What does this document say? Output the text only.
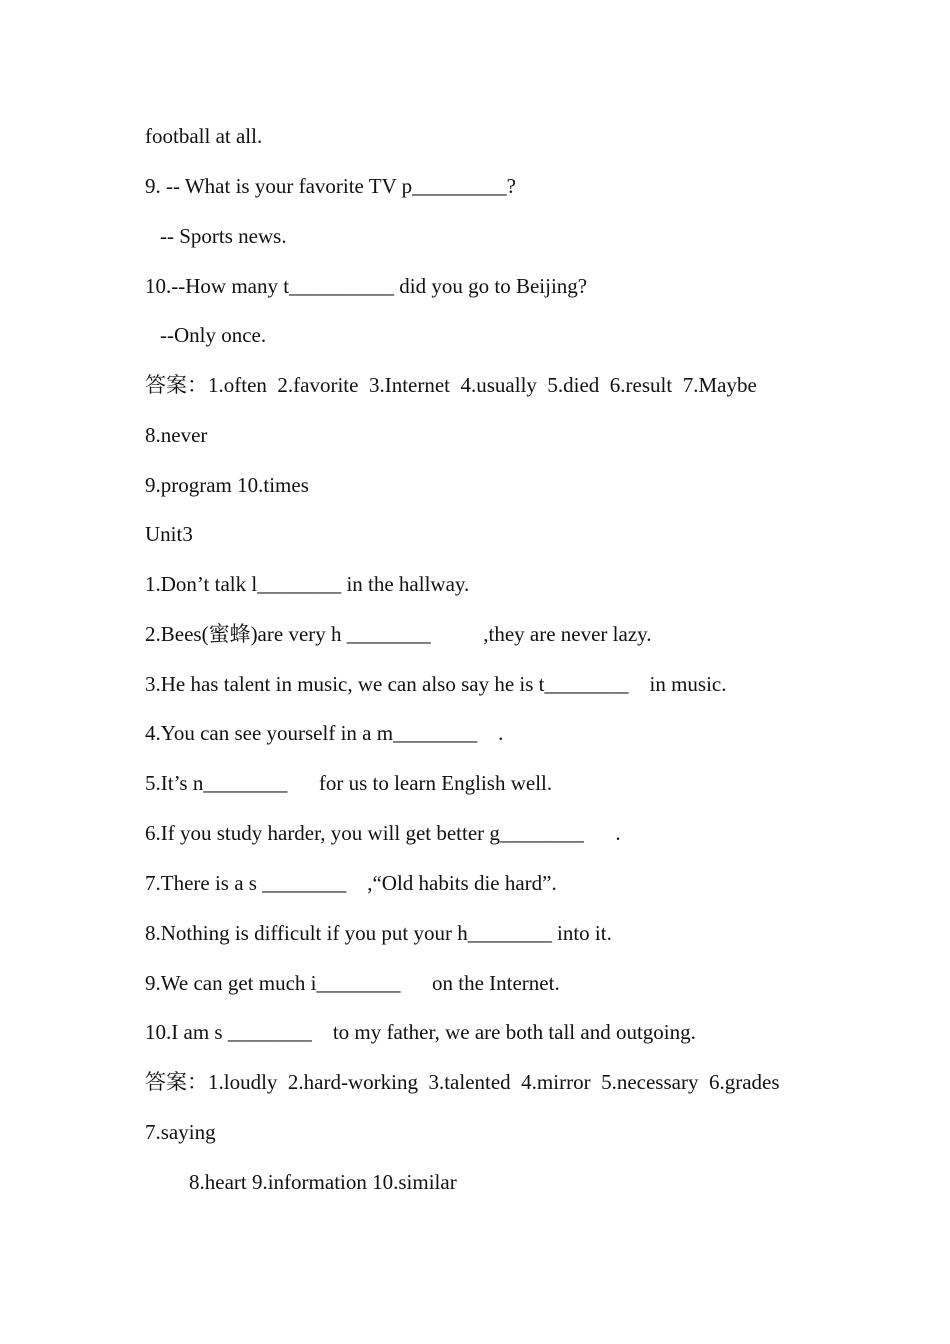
football at all.

9. -- What is your favorite TV p_________?

-- Sports news.

10.--How many t__________ did you go to Beijing?

--Only once.

答案：1.often  2.favorite  3.Internet  4.usually  5.died  6.result  7.Maybe

8.never

9.program 10.times

Unit3

1.Don’t talk l________ in the hallway.

2.Bees(蜜蜂)are very h ________          ,they are never lazy.

3.He has talent in music, we can also say he is t________    in music.

4.You can see yourself in a m________    .

5.It’s n________      for us to learn English well.

6.If you study harder, you will get better g________      .

7.There is a s ________    ,“Old habits die hard”.

8.Nothing is difficult if you put your h________ into it.

9.We can get much i________      on the Internet.

10.I am s ________    to my father, we are both tall and outgoing.

答案：1.loudly  2.hard-working  3.talented  4.mirror  5.necessary  6.grades

7.saying

8.heart 9.information 10.similar
